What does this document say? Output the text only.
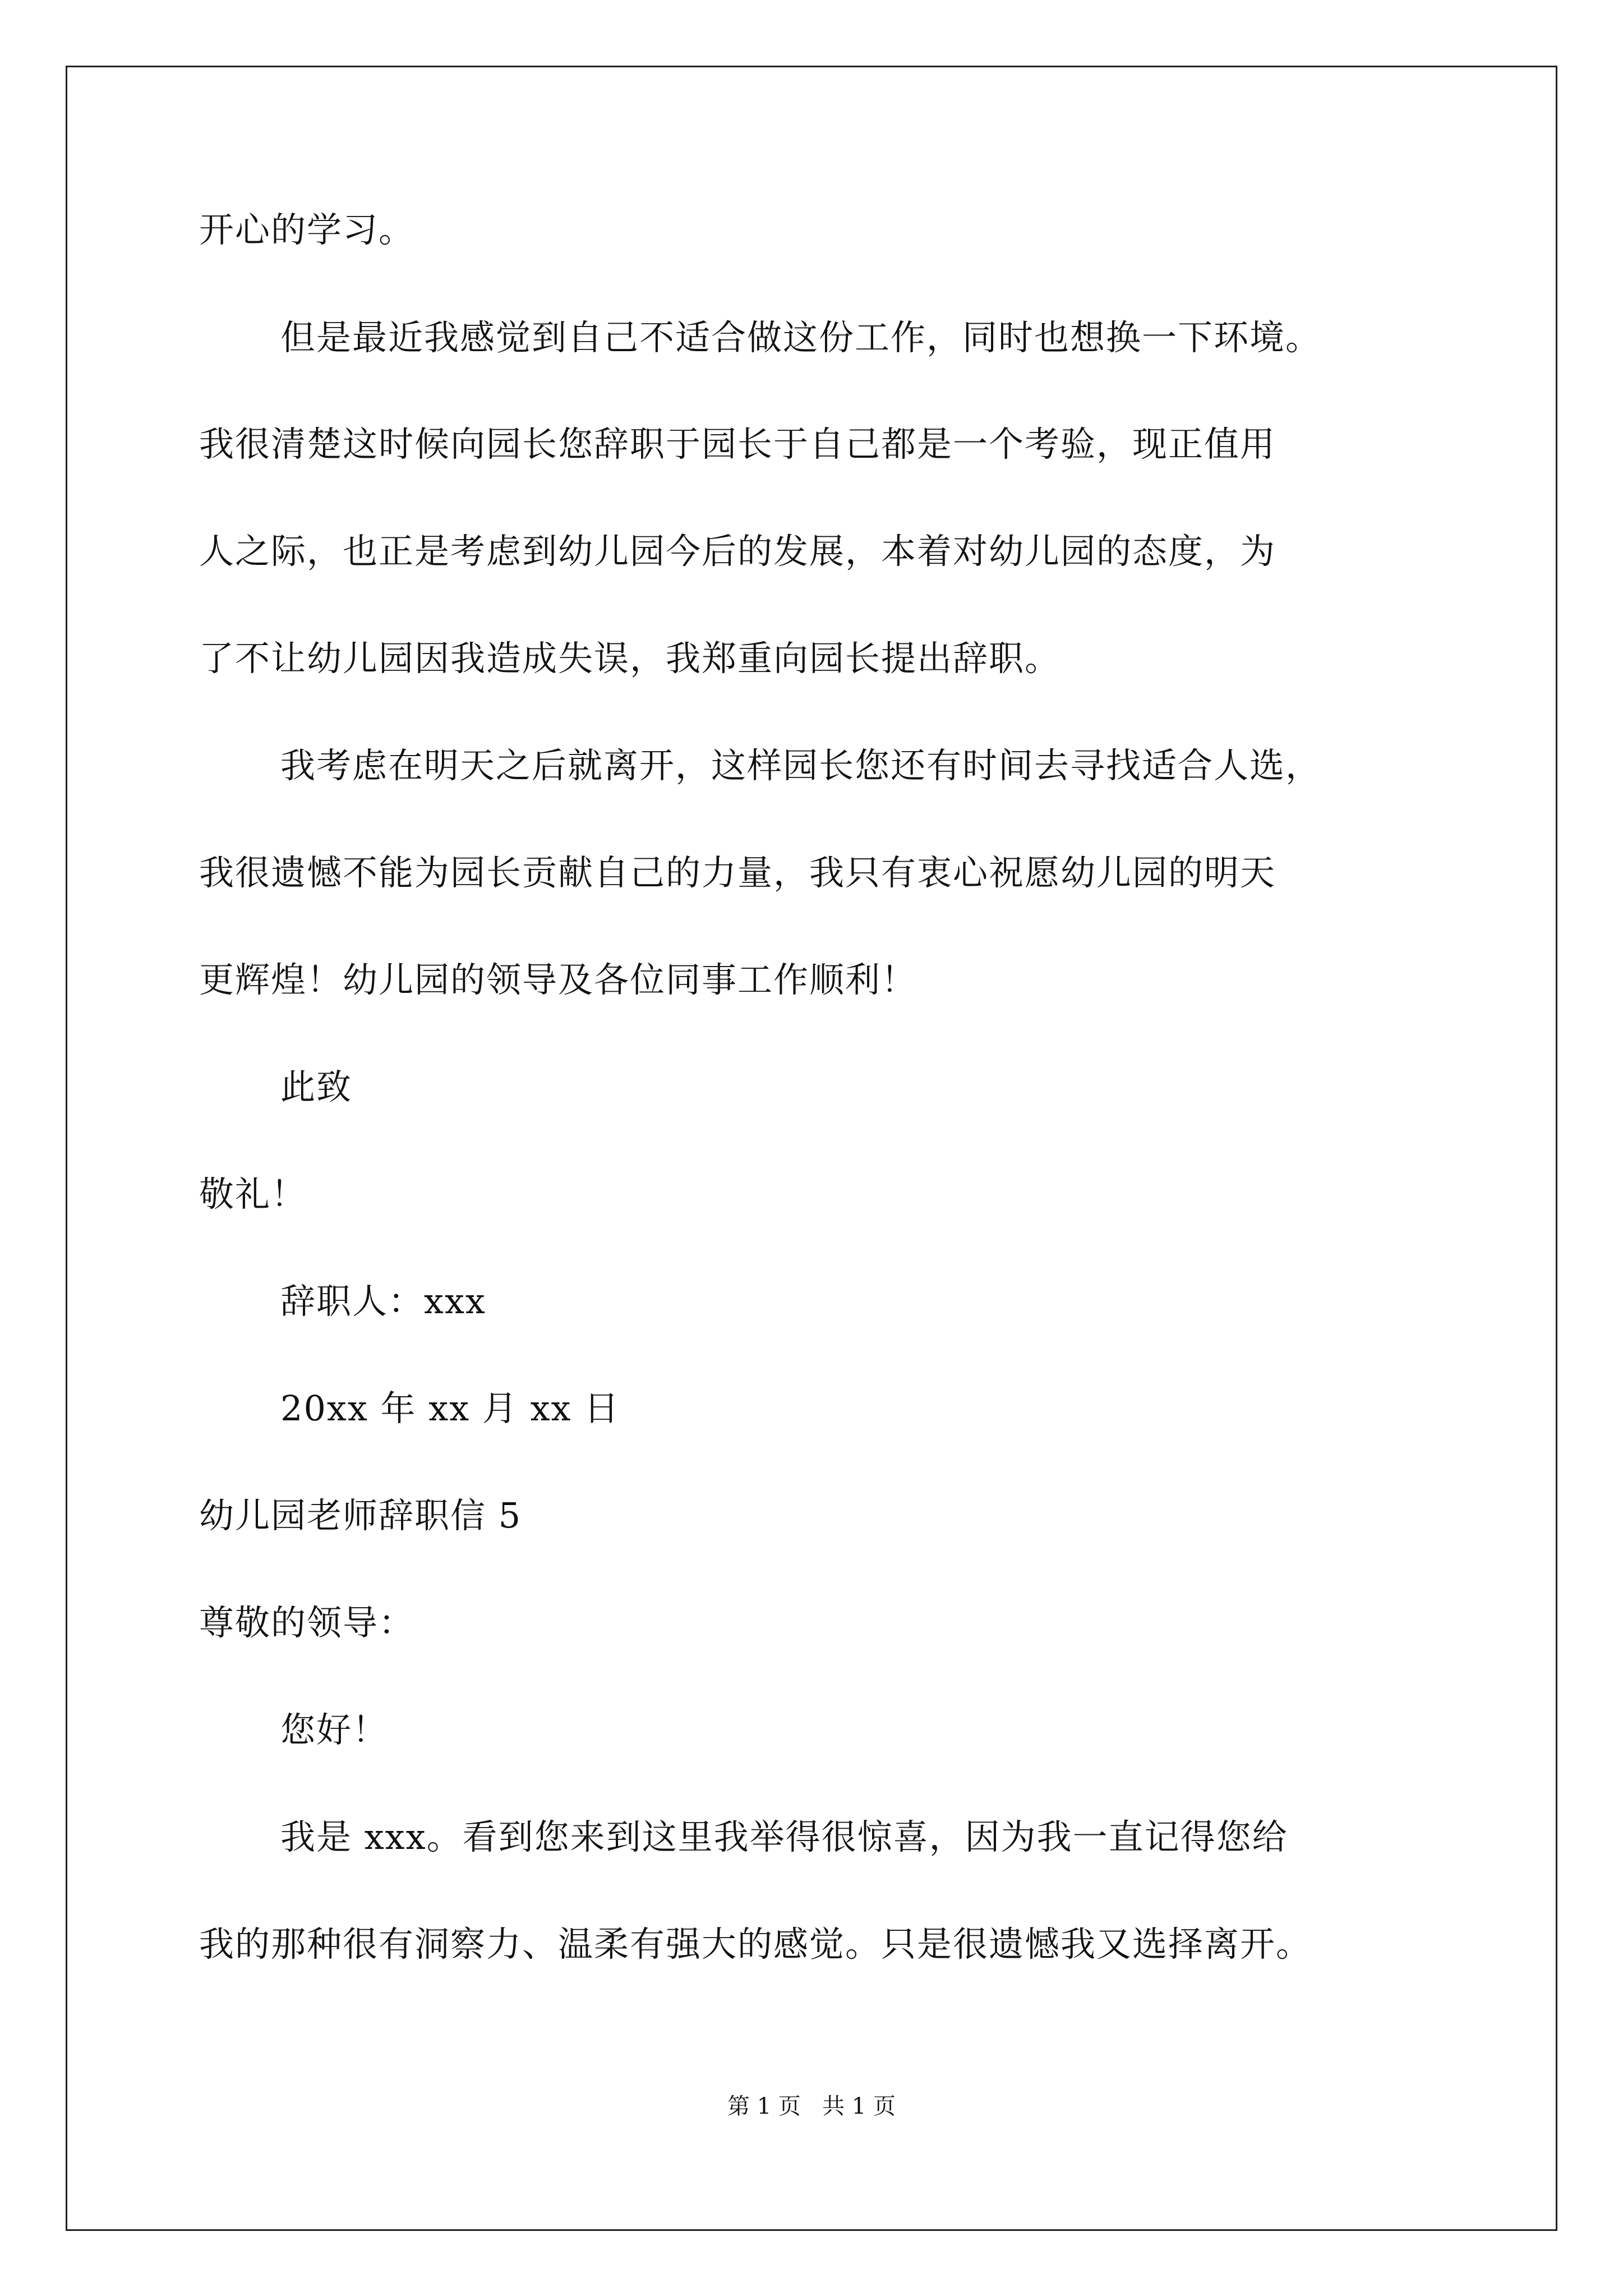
开心的学习。
但是最近我感觉到自己不适合做这份工作，同时也想换一下环境。
我很清楚这时候向园长您辞职于园长于自己都是一个考验，现正值用
人之际，也正是考虑到幼儿园今后的发展，本着对幼儿园的态度，为
了不让幼儿园因我造成失误，我郑重向园长提出辞职。
我考虑在明天之后就离开，这样园长您还有时间去寻找适合人选，
我很遗憾不能为园长贡献自己的力量，我只有衷心祝愿幼儿园的明天
更辉煌！幼儿园的领导及各位同事工作顺利！
此致
敬礼！
辞职人：xxx
20xx 年 xx 月 xx 日
幼儿园老师辞职信 5
尊敬的领导：
您好！
我是 xxx。看到您来到这里我举得很惊喜，因为我一直记得您给
我的那种很有洞察力、温柔有强大的感觉。只是很遗憾我又选择离开。
第 1 页   共 1 页
